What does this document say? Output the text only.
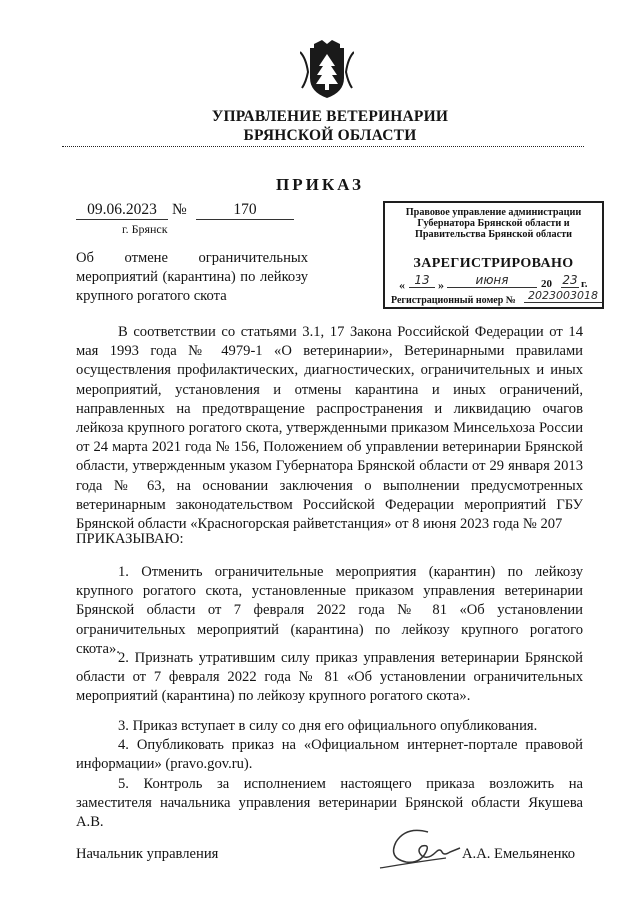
УПРАВЛЕНИЕ ВЕТЕРИНАРИИ
БРЯНСКОЙ ОБЛАСТИ
ПРИКАЗ
09.06.2023 №	170
г. Брянск
Об отмене ограничительных мероприятий (карантина) по лейкозу крупного рогатого скота
Правовое управление администрации Губернатора Брянской области и Правительства Брянской области
ЗАРЕГИСТРИРОВАНО
« 13 »	июня	20 23 г.
Регистрационный номер №	2023003018
В соответствии со статьями 3.1, 17 Закона Российской Федерации от 14 мая 1993 года № 4979-1 «О ветеринарии», Ветеринарными правилами осуществления профилактических, диагностических, ограничительных и иных мероприятий, установления и отмены карантина и иных ограничений, направленных на предотвращение распространения и ликвидацию очагов лейкоза крупного рогатого скота, утвержденными приказом Минсельхоза России от 24 марта 2021 года № 156, Положением об управлении ветеринарии Брянской области, утвержденным указом Губернатора Брянской области от 29 января 2013 года № 63, на основании заключения о выполнении предусмотренных ветеринарным законодательством Российской Федерации мероприятий ГБУ Брянской области «Красногорская райветстанция» от 8 июня 2023 года № 207
ПРИКАЗЫВАЮ:
1. Отменить ограничительные мероприятия (карантин) по лейкозу крупного рогатого скота, установленные приказом управления ветеринарии Брянской области от 7 февраля 2022 года № 81 «Об установлении ограничительных мероприятий (карантина) по лейкозу крупного рогатого скота».
2. Признать утратившим силу приказ управления ветеринарии Брянской области от 7 февраля 2022 года № 81 «Об установлении ограничительных мероприятий (карантина) по лейкозу крупного рогатого скота».
3. Приказ вступает в силу со дня его официального опубликования.
4. Опубликовать приказ на «Официальном интернет-портале правовой информации» (pravo.gov.ru).
5. Контроль за исполнением настоящего приказа возложить на заместителя начальника управления ветеринарии Брянской области Якушева А.В.
Начальник управления	А.А. Емельяненко
